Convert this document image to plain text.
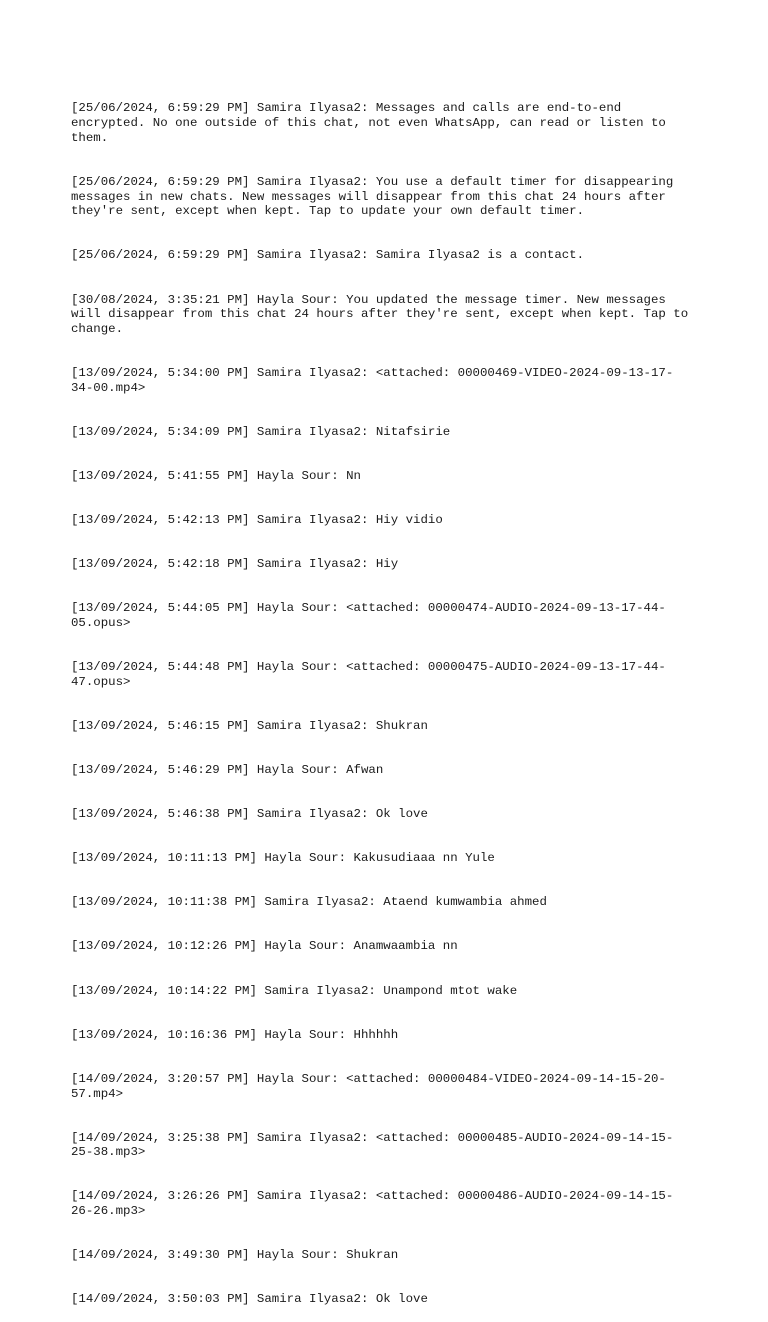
[25/06/2024, 6:59:29 PM] Samira Ilyasa2: Messages and calls are end-to-end
encrypted. No one outside of this chat, not even WhatsApp, can read or listen to
them.

[25/06/2024, 6:59:29 PM] Samira Ilyasa2: You use a default timer for disappearing
messages in new chats. New messages will disappear from this chat 24 hours after
they're sent, except when kept. Tap to update your own default timer.

[25/06/2024, 6:59:29 PM] Samira Ilyasa2: Samira Ilyasa2 is a contact.

[30/08/2024, 3:35:21 PM] Hayla Sour: You updated the message timer. New messages
will disappear from this chat 24 hours after they're sent, except when kept. Tap to
change.

[13/09/2024, 5:34:00 PM] Samira Ilyasa2: <attached: 00000469-VIDEO-2024-09-13-17-
34-00.mp4>

[13/09/2024, 5:34:09 PM] Samira Ilyasa2: Nitafsirie

[13/09/2024, 5:41:55 PM] Hayla Sour: Nn

[13/09/2024, 5:42:13 PM] Samira Ilyasa2: Hiy vidio

[13/09/2024, 5:42:18 PM] Samira Ilyasa2: Hiy

[13/09/2024, 5:44:05 PM] Hayla Sour: <attached: 00000474-AUDIO-2024-09-13-17-44-
05.opus>

[13/09/2024, 5:44:48 PM] Hayla Sour: <attached: 00000475-AUDIO-2024-09-13-17-44-
47.opus>

[13/09/2024, 5:46:15 PM] Samira Ilyasa2: Shukran

[13/09/2024, 5:46:29 PM] Hayla Sour: Afwan

[13/09/2024, 5:46:38 PM] Samira Ilyasa2: Ok love

[13/09/2024, 10:11:13 PM] Hayla Sour: Kakusudiaaa nn Yule

[13/09/2024, 10:11:38 PM] Samira Ilyasa2: Ataend kumwambia ahmed

[13/09/2024, 10:12:26 PM] Hayla Sour: Anamwaambia nn

[13/09/2024, 10:14:22 PM] Samira Ilyasa2: Unampond mtot wake

[13/09/2024, 10:16:36 PM] Hayla Sour: Hhhhhh

[14/09/2024, 3:20:57 PM] Hayla Sour: <attached: 00000484-VIDEO-2024-09-14-15-20-
57.mp4>

[14/09/2024, 3:25:38 PM] Samira Ilyasa2: <attached: 00000485-AUDIO-2024-09-14-15-
25-38.mp3>

[14/09/2024, 3:26:26 PM] Samira Ilyasa2: <attached: 00000486-AUDIO-2024-09-14-15-
26-26.mp3>

[14/09/2024, 3:49:30 PM] Hayla Sour: Shukran

[14/09/2024, 3:50:03 PM] Samira Ilyasa2: Ok love
